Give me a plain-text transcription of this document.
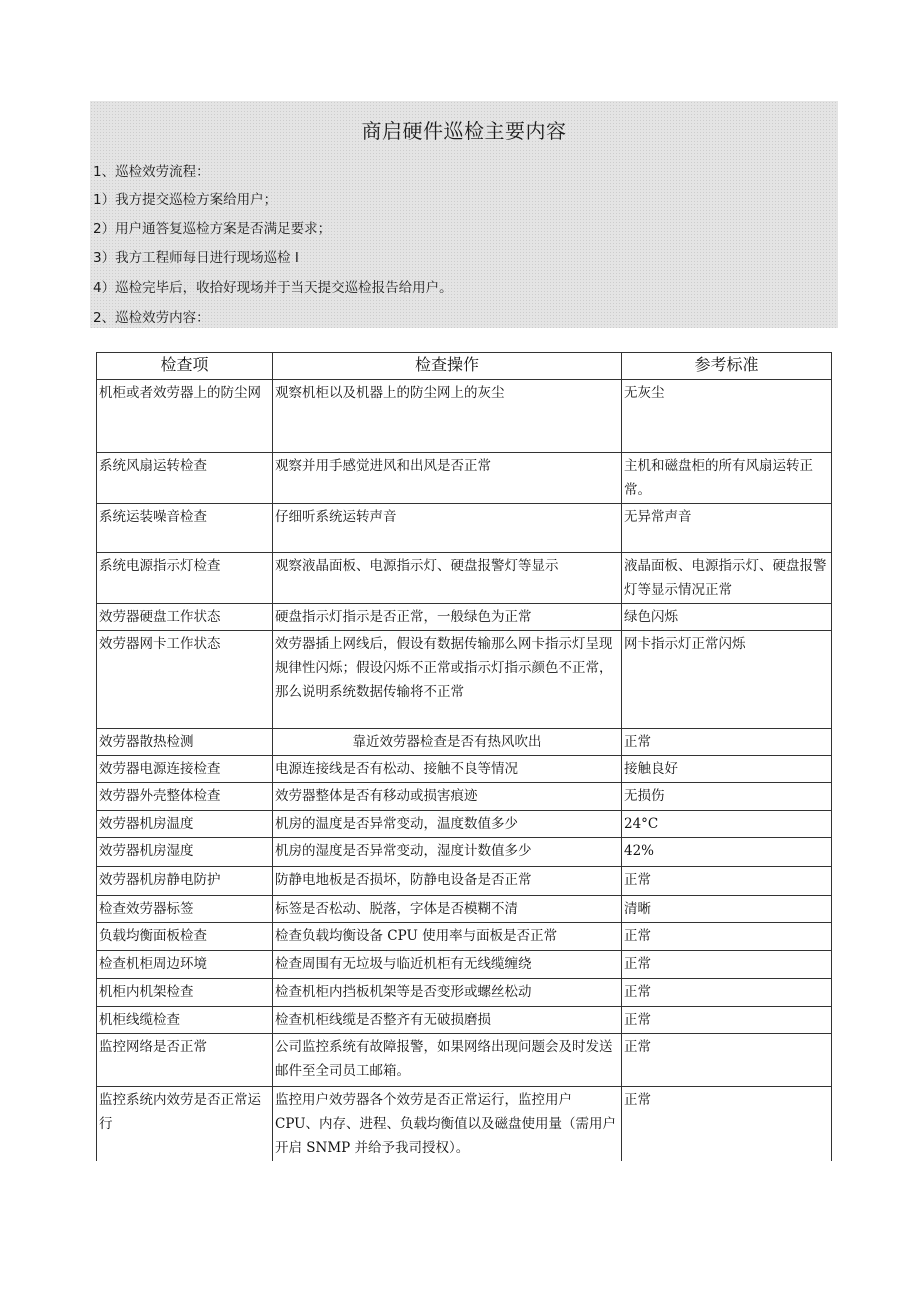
商启硬件巡检主要内容
1、巡检效劳流程：
1）我方提交巡检方案给用户；
2）用户通答复巡检方案是否满足要求；
3）我方工程师每日进行现场巡检 I
4）巡检完毕后，收拾好现场并于当天提交巡检报告给用户。
2、巡检效劳内容：
检查项	检查操作	参考标准
机柜或者效劳器上的防尘网	观察机柜以及机器上的防尘网上的灰尘	无灰尘
系统风扇运转检查	观察并用手感觉进风和出风是否正常	主机和磁盘柜的所有风扇运转正常。
系统运装噪音检查	仔细听系统运转声音	无异常声音
系统电源指示灯检查	观察液晶面板、电源指示灯、硬盘报警灯等显示	液晶面板、电源指示灯、硬盘报警灯等显示情况正常
效劳器硬盘工作状态	硬盘指示灯指示是否正常，一般绿色为正常	绿色闪烁
效劳器网卡工作状态	效劳器插上网线后，假设有数据传输那么网卡指示灯呈现规律性闪烁；假设闪烁不正常或指示灯指示颜色不正常，那么说明系统数据传输将不正常	网卡指示灯正常闪烁
效劳器散热检测	靠近效劳器检查是否有热风吹出	正常
效劳器电源连接检查	电源连接线是否有松动、接触不良等情况	接触良好
效劳器外壳整体检查	效劳器整体是否有移动或损害痕迹	无损伤
效劳器机房温度	机房的温度是否异常变动，温度数值多少	24°C
效劳器机房湿度	机房的湿度是否异常变动，湿度计数值多少	42%
效劳器机房静电防护	防静电地板是否损坏，防静电设备是否正常	正常
检查效劳器标签	标签是否松动、脱落，字体是否模糊不清	清晰
负载均衡面板检查	检查负载均衡设备 CPU 使用率与面板是否正常	正常
检查机柜周边环境	检查周围有无垃圾与临近机柜有无线缆缠绕	正常
机柜内机架检查	检查机柜内挡板机架等是否变形或螺丝松动	正常
机柜线缆检查	检查机柜线缆是否整齐有无破损磨损	正常
监控网络是否正常	公司监控系统有故障报警，如果网络出现问题会及时发送邮件至全司员工邮箱。	正常
监控系统内效劳是否正常运行	监控用户效劳器各个效劳是否正常运行，监控用户 CPU、内存、进程、负载均衡值以及磁盘使用量（需用户开启 SNMP 并给予我司授权）。	正常
